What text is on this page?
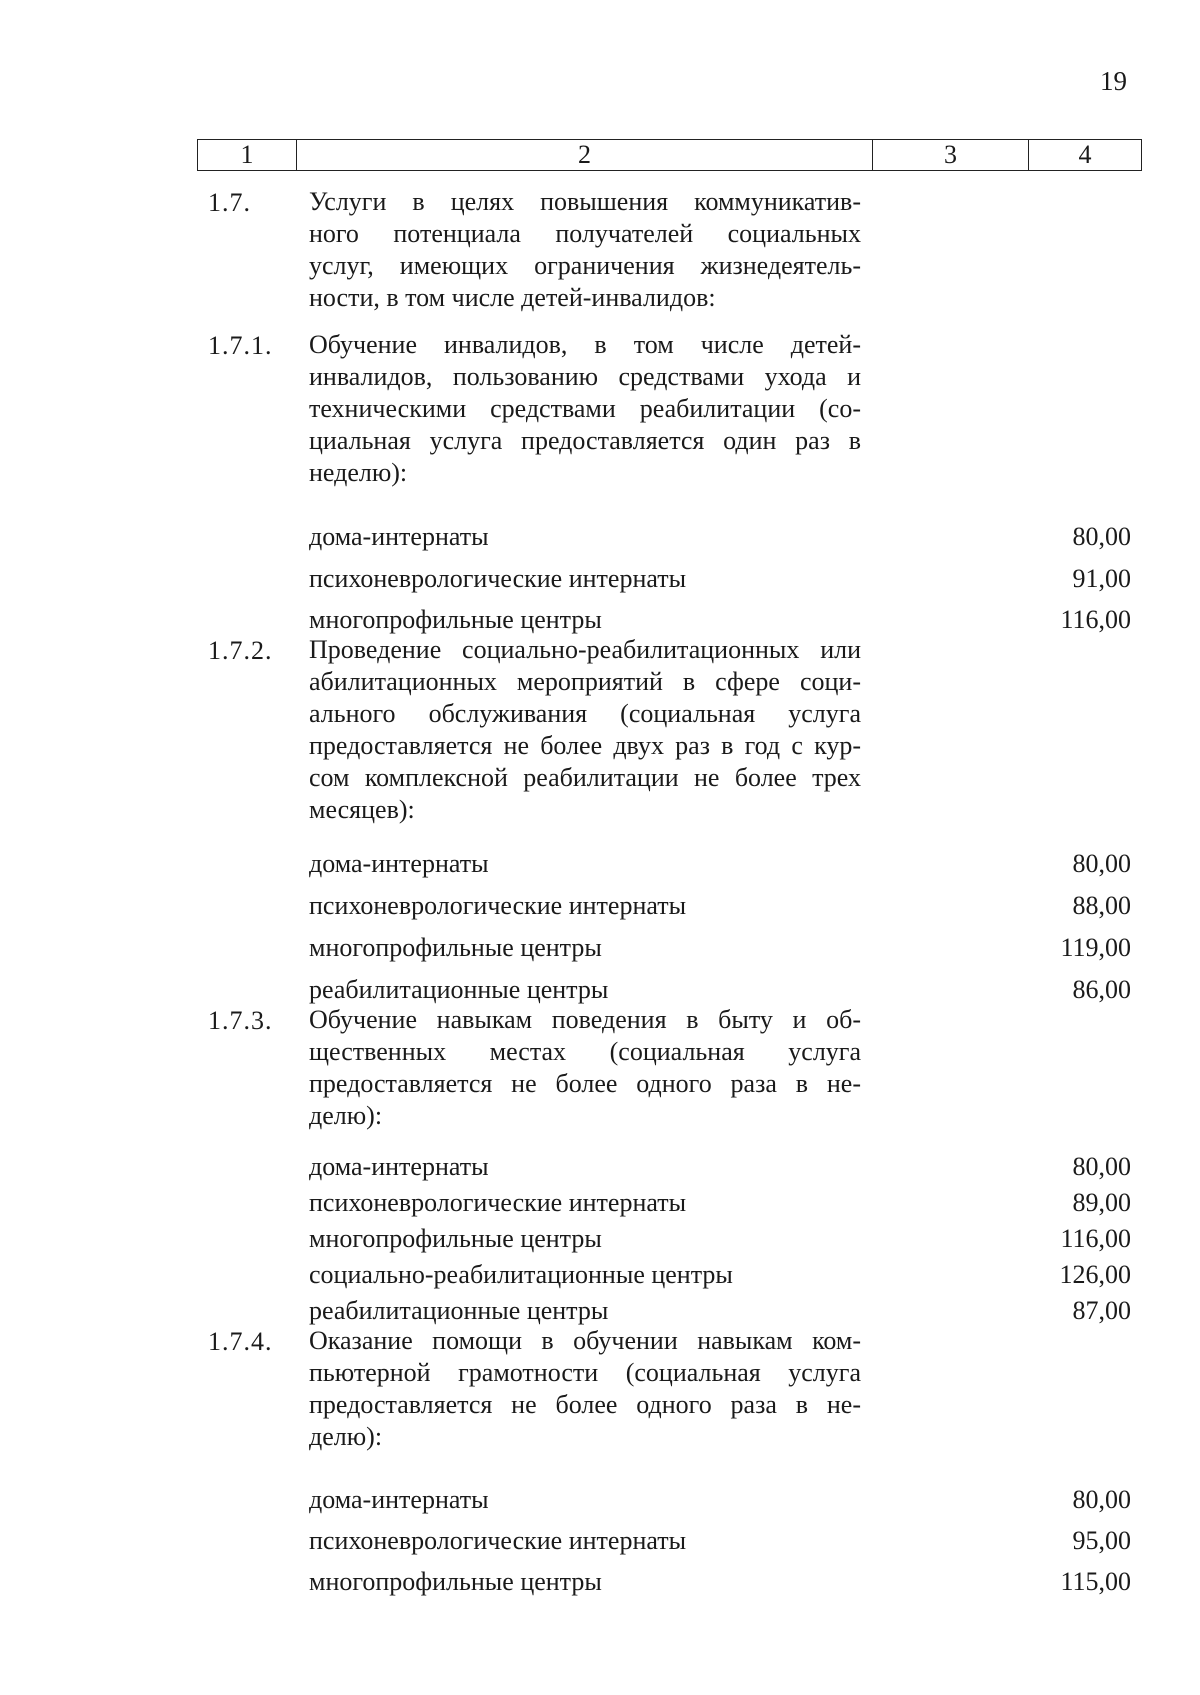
19
1	2	3	4
1.7. Услуги в целях повышения коммуникатив-
ного потенциала получателей социальных
услуг, имеющих ограничения жизнедеятель-
ности, в том числе детей-инвалидов:
1.7.1. Обучение инвалидов, в том числе детей-
инвалидов, пользованию средствами ухода и
техническими средствами реабилитации (со-
циальная услуга предоставляется один раз в
неделю):
дома-интернаты	80,00
психоневрологические интернаты	91,00
многопрофильные центры	116,00
1.7.2. Проведение социально-реабилитационных или
абилитационных мероприятий в сфере соци-
ального обслуживания (социальная услуга
предоставляется не более двух раз в год с кур-
сом комплексной реабилитации не более трех
месяцев):
дома-интернаты	80,00
психоневрологические интернаты	88,00
многопрофильные центры	119,00
реабилитационные центры	86,00
1.7.3. Обучение навыкам поведения в быту и об-
щественных местах (социальная услуга
предоставляется не более одного раза в не-
делю):
дома-интернаты	80,00
психоневрологические интернаты	89,00
многопрофильные центры	116,00
социально-реабилитационные центры	126,00
реабилитационные центры	87,00
1.7.4. Оказание помощи в обучении навыкам ком-
пьютерной грамотности (социальная услуга
предоставляется не более одного раза в не-
делю):
дома-интернаты	80,00
психоневрологические интернаты	95,00
многопрофильные центры	115,00
